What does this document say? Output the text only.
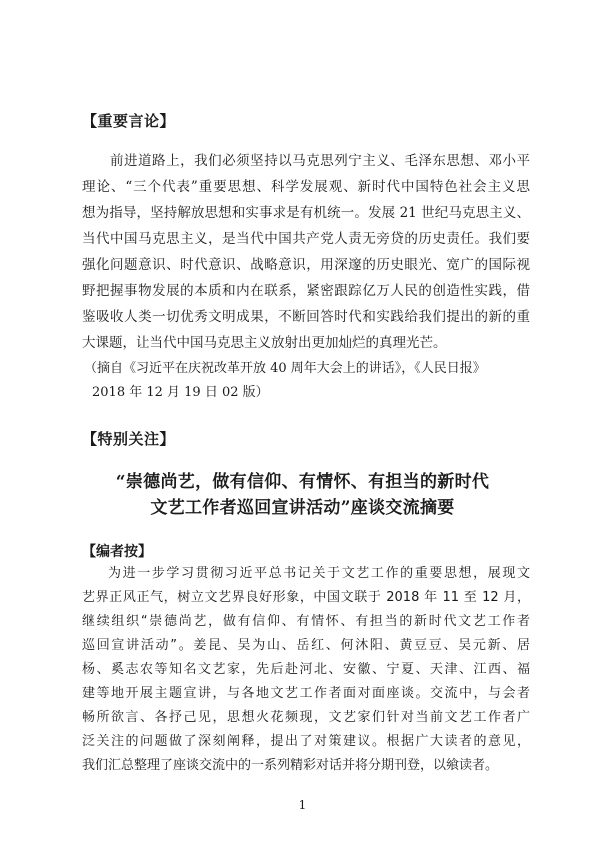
【重要言论】
前进道路上，我们必须坚持以马克思列宁主义、毛泽东思想、邓小平
理论、“三个代表”重要思想、科学发展观、新时代中国特色社会主义思
想为指导，坚持解放思想和实事求是有机统一。发展 21 世纪马克思主义、
当代中国马克思主义，是当代中国共产党人责无旁贷的历史责任。我们要
强化问题意识、时代意识、战略意识，用深邃的历史眼光、宽广的国际视
野把握事物发展的本质和内在联系，紧密跟踪亿万人民的创造性实践，借
鉴吸收人类一切优秀文明成果，不断回答时代和实践给我们提出的新的重
大课题，让当代中国马克思主义放射出更加灿烂的真理光芒。
（摘自《习近平在庆祝改革开放 40 周年大会上的讲话》，《人民日报》
2018 年 12 月 19 日 02 版）
【特别关注】
“崇德尚艺，做有信仰、有情怀、有担当的新时代
文艺工作者巡回宣讲活动”座谈交流摘要
【编者按】
为进一步学习贯彻习近平总书记关于文艺工作的重要思想，展现文
艺界正风正气，树立文艺界良好形象，中国文联于 2018 年 11 至 12 月，
继续组织“崇德尚艺，做有信仰、有情怀、有担当的新时代文艺工作者
巡回宣讲活动”。姜昆、吴为山、岳红、何沐阳、黄豆豆、吴元新、居
杨、奚志农等知名文艺家，先后赴河北、安徽、宁夏、天津、江西、福
建等地开展主题宣讲，与各地文艺工作者面对面座谈。交流中，与会者
畅所欲言、各抒己见，思想火花频现，文艺家们针对当前文艺工作者广
泛关注的问题做了深刻阐释，提出了对策建议。根据广大读者的意见，
我们汇总整理了座谈交流中的一系列精彩对话并将分期刊登，以飨读者。
1
